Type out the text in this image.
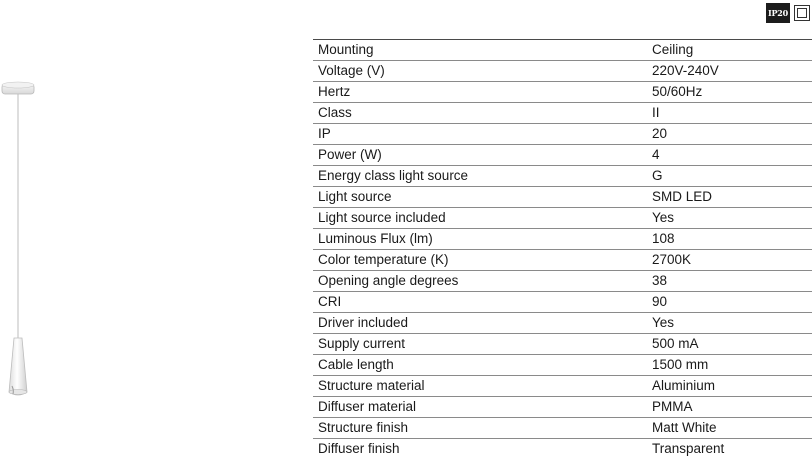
IP20
Mounting	Ceiling
Voltage (V)	220V-240V
Hertz	50/60Hz
Class	II
IP	20
Power (W)	4
Energy class light source	G
Light source	SMD LED
Light source included	Yes
Luminous Flux (lm)	108
Color temperature (K)	2700K
Opening angle degrees	38
CRI	90
Driver included	Yes
Supply current	500 mA
Cable length	1500 mm
Structure material	Aluminium
Diffuser material	PMMA
Structure finish	Matt White
Diffuser finish	Transparent
